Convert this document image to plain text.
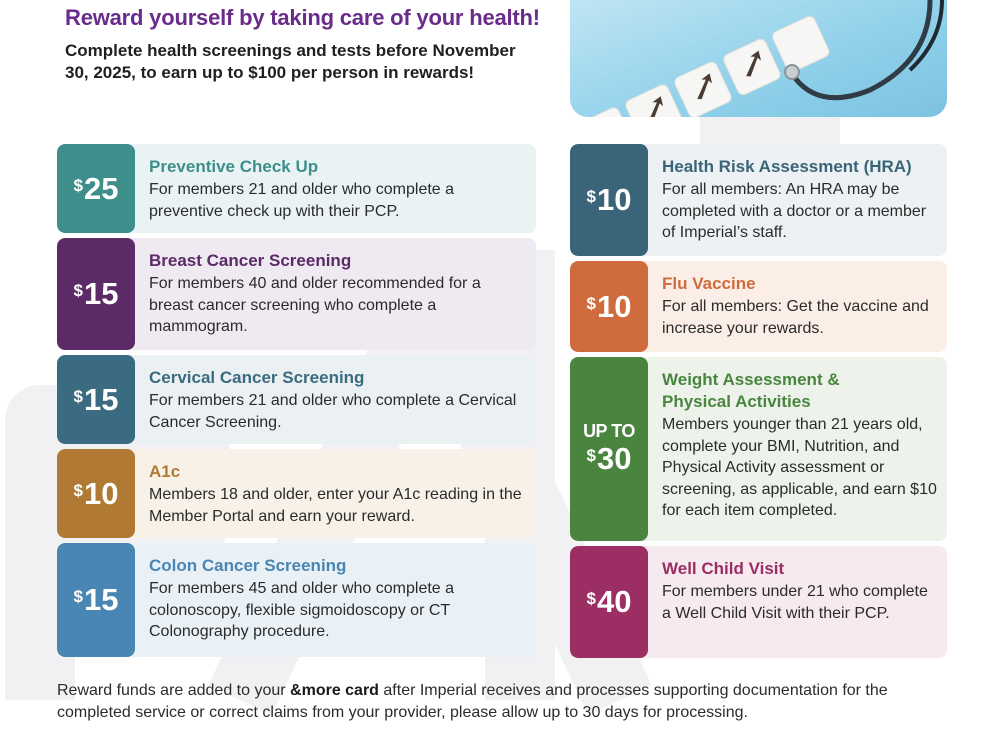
Reward yourself by taking care of your health!

Complete health screenings and tests before November 30, 2025, to earn up to $100 per person in rewards!

$ 25

Preventive Check Up

For members 21 and older who complete a preventive check up with their PCP.

$ 15

Breast Cancer Screening

For members 40 and older recommended for a breast cancer screening who complete a mammogram.

$ 15

Cervical Cancer Screening

For members 21 and older who complete a Cervical Cancer Screening.

$ 10

A1c

Members 18 and older, enter your A1c reading in the Member Portal and earn your reward.

$ 15

Colon Cancer Screening

For members 45 and older who complete a colonoscopy, flexible sigmoidoscopy or CT Colonography procedure.

$ 10

Health Risk Assessment (HRA)

For all members: An HRA may be completed with a doctor or a member of Imperial’s staff.

$ 10

Flu Vaccine

For all members: Get the vaccine and increase your rewards.

UP TO
$ 30

Weight Assessment & Physical Activities

Members younger than 21 years old, complete your BMI, Nutrition, and Physical Activity assessment or screening, as applicable, and earn $10 for each item completed.

$ 40

Well Child Visit

For members under 21 who complete a Well Child Visit with their PCP.

Reward funds are added to your &more card after Imperial receives and processes supporting documentation for the completed service or correct claims from your provider, please allow up to 30 days for processing.
